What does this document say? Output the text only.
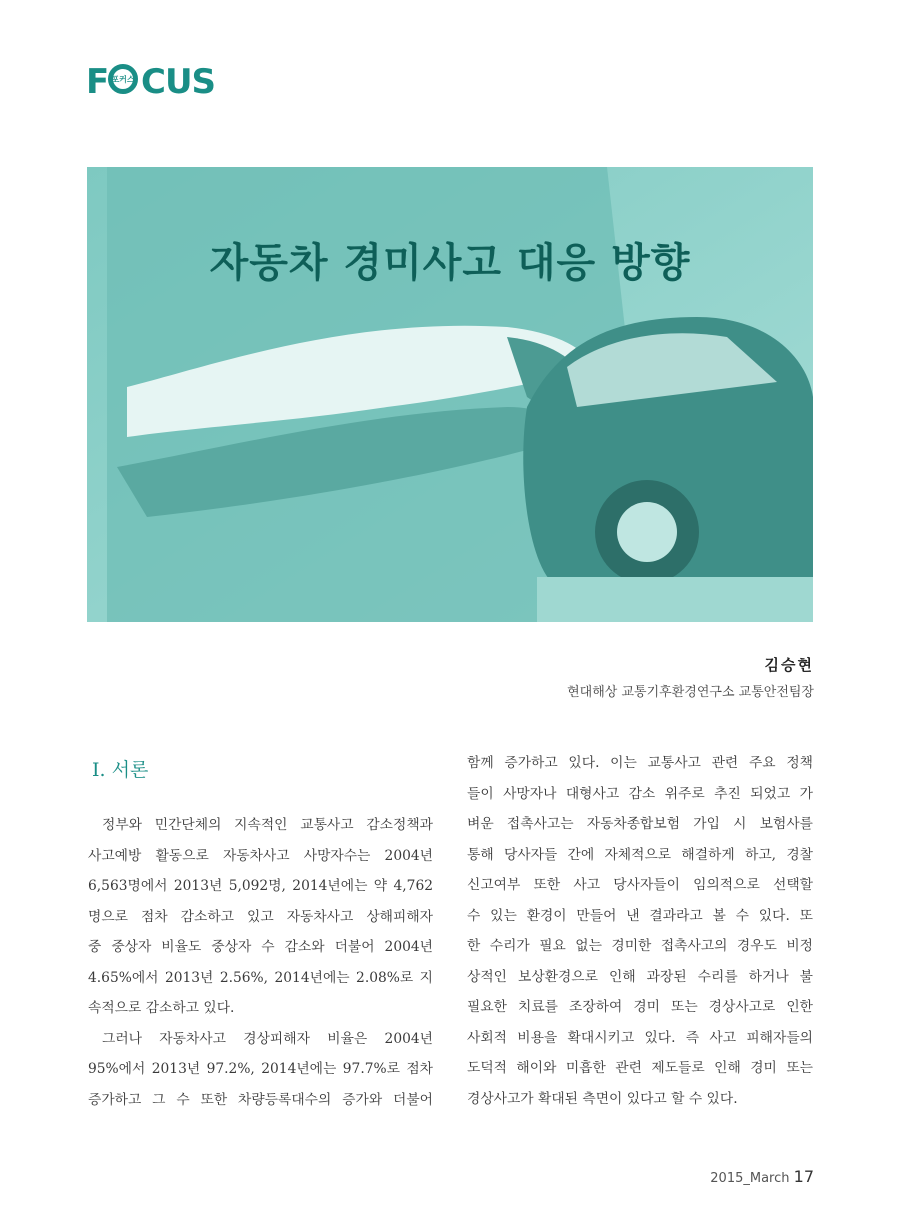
F 포커스 CUS
자동차 경미사고 대응 방향
김승현
현대해상 교통기후환경연구소 교통안전팀장
Ⅰ. 서론

정부와 민간단체의 지속적인 교통사고 감소정책과

사고예방 활동으로 자동차사고 사망자수는 2004년

6,563명에서 2013년 5,092명, 2014년에는 약 4,762

명으로 점차 감소하고 있고 자동차사고 상해피해자

중 중상자 비율도 중상자 수 감소와 더불어 2004년

4.65%에서 2013년 2.56%, 2014년에는 2.08%로 지

속적으로 감소하고 있다.

그러나 자동차사고 경상피해자 비율은 2004년

95%에서 2013년 97.2%, 2014년에는 97.7%로 점차

증가하고 그 수 또한 차량등록대수의 증가와 더불어

함께 증가하고 있다. 이는 교통사고 관련 주요 정책

들이 사망자나 대형사고 감소 위주로 추진 되었고 가

벼운 접촉사고는 자동차종합보험 가입 시 보험사를

통해 당사자들 간에 자체적으로 해결하게 하고, 경찰

신고여부 또한 사고 당사자들이 임의적으로 선택할

수 있는 환경이 만들어 낸 결과라고 볼 수 있다. 또

한 수리가 필요 없는 경미한 접촉사고의 경우도 비정

상적인 보상환경으로 인해 과장된 수리를 하거나 불

필요한 치료를 조장하여 경미 또는 경상사고로 인한

사회적 비용을 확대시키고 있다. 즉 사고 피해자들의

도덕적 해이와 미흡한 관련 제도들로 인해 경미 또는

경상사고가 확대된 측면이 있다고 할 수 있다.

2015_March 17
